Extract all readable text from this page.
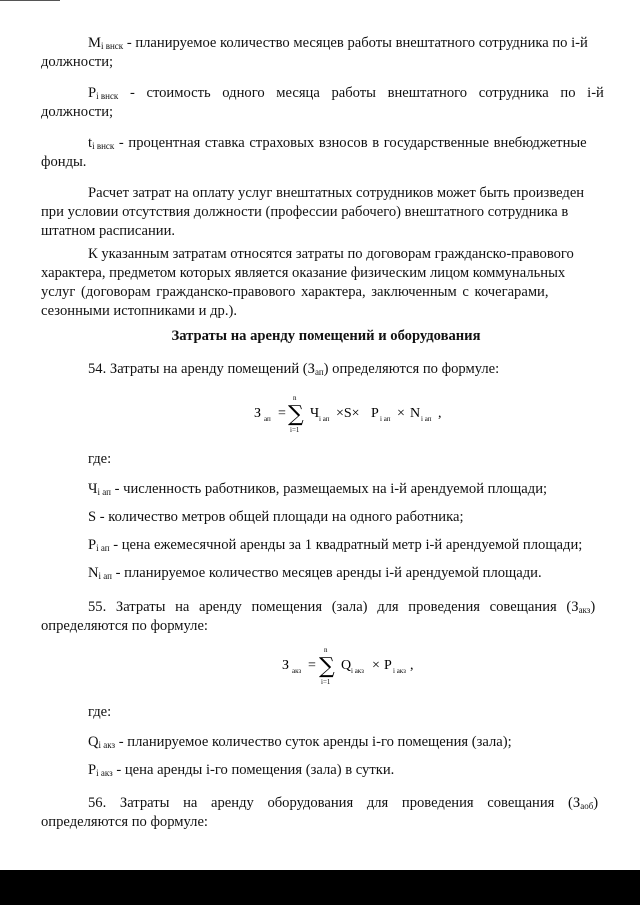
$M_{i внск}$ - планируемое количество месяцев работы внештатного сотрудника по i-й
должности;
$P_{i внск}$ - стоимость одного месяца работы внештатного сотрудника по i-й
должности;
$t_{i внск}$ - процентная ставка страховых взносов в государственные внебюджетные
фонды.
Расчет затрат на оплату услуг внештатных сотрудников может быть произведен
при условии отсутствия должности (профессии рабочего) внештатного сотрудника в
штатном расписании.
К указанным затратам относятся затраты по договорам гражданско-правового
характера, предметом которых является оказание физическим лицом коммунальных
услуг (договорам гражданско-правового характера, заключенным с кочегарами,
сезонными истопниками и др.).
Затраты на аренду помещений и оборудования
54. Затраты на аренду помещений $(З_{ап})$ определяются по формуле:
З ап =
n
∑
i=1
Ч i ап ×S× P i ап × N i ап ,
где:
$Ч_{i ап}$ - численность работников, размещаемых на i-й арендуемой площади;
S - количество метров общей площади на одного работника;
$P_{i ап}$ - цена ежемесячной аренды за 1 квадратный метр i-й арендуемой площади;
$N_{i ап}$ - планируемое количество месяцев аренды i-й арендуемой площади.
55. Затраты на аренду помещения (зала) для проведения совещания $(З_{акз})$
определяются по формуле:
З акз =
n
∑
i=1
Q i акз × P i акз ,
где:
$Q_{i акз}$ - планируемое количество суток аренды i-го помещения (зала);
$P_{i акз}$ - цена аренды i-го помещения (зала) в сутки.
56. Затраты на аренду оборудования для проведения совещания $(З_{аоб})$
определяются по формуле:
